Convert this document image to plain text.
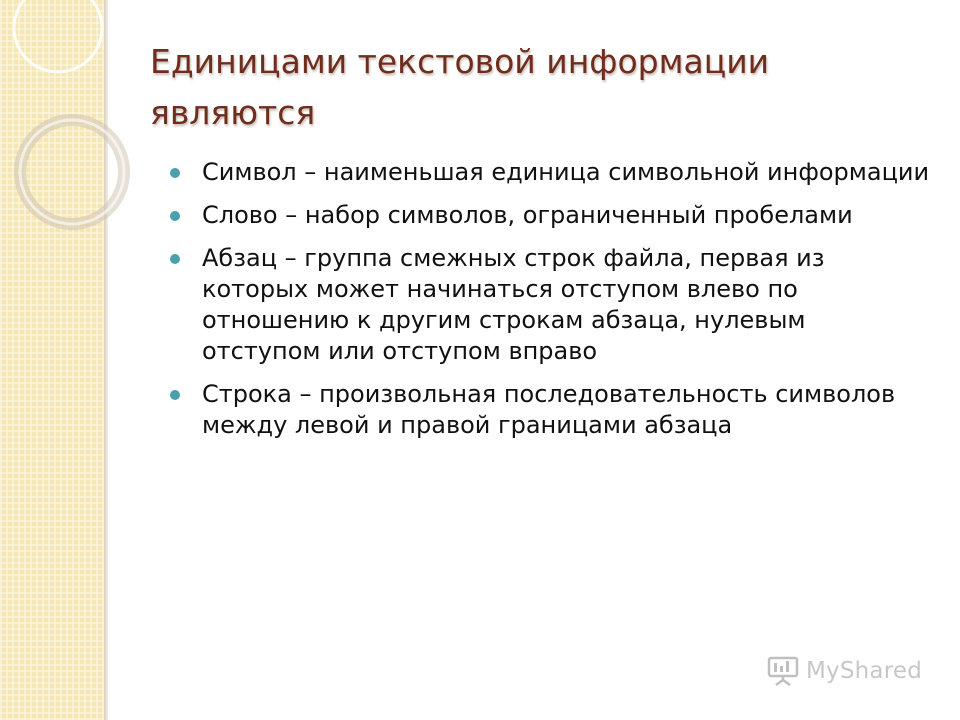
Единицами текстовой информации являются
Символ – наименьшая единица символьной информации
Слово – набор символов, ограниченный пробелами
Абзац – группа смежных строк файла, первая из которых может начинаться отступом влево по отношению к другим строкам абзаца, нулевым отступом или отступом вправо
Строка – произвольная последовательность символов между левой и правой границами абзаца
MyShared
